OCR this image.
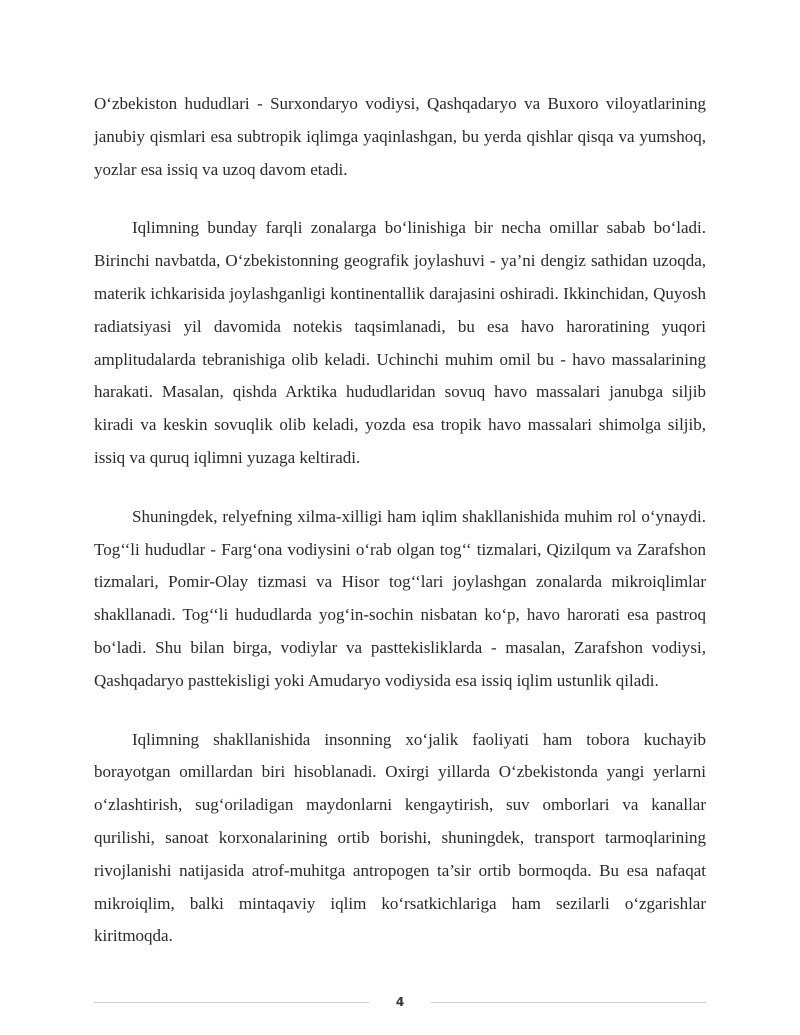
O‘zbekiston hududlari - Surxondaryo vodiysi, Qashqadaryo va Buxoro viloyatlarining janubiy qismlari esa subtropik iqlimga yaqinlashgan, bu yerda qishlar qisqa va yumshoq, yozlar esa issiq va uzoq davom etadi.

Iqlimning bunday farqli zonalarga bo‘linishiga bir necha omillar sabab bo‘ladi. Birinchi navbatda, O‘zbekistonning geografik joylashuvi - ya’ni dengiz sathidan uzoqda, materik ichkarisida joylashganligi kontinentallik darajasini oshiradi. Ikkinchidan, Quyosh radiatsiyasi yil davomida notekis taqsimlanadi, bu esa havo haroratining yuqori amplitudalarda tebranishiga olib keladi. Uchinchi muhim omil bu - havo massalarining harakati. Masalan, qishda Arktika hududlaridan sovuq havo massalari janubga siljib kiradi va keskin sovuqlik olib keladi, yozda esa tropik havo massalari shimolga siljib, issiq va quruq iqlimni yuzaga keltiradi.

Shuningdek, relyefning xilma-xilligi ham iqlim shakllanishida muhim rol o‘ynaydi. Tog‘‘li hududlar - Farg‘ona vodiysini o‘rab olgan tog‘‘ tizmalari, Qizilqum va Zarafshon tizmalari, Pomir-Olay tizmasi va Hisor tog‘‘lari joylashgan zonalarda mikroiqlimlar shakllanadi. Tog‘‘li hududlarda yog‘in-sochin nisbatan ko‘p, havo harorati esa pastroq bo‘ladi. Shu bilan birga, vodiylar va pasttekisliklarda - masalan, Zarafshon vodiysi, Qashqadaryo pasttekisligi yoki Amudaryo vodiysida esa issiq iqlim ustunlik qiladi.

Iqlimning shakllanishida insonning xo‘jalik faoliyati ham tobora kuchayib borayotgan omillardan biri hisoblanadi. Oxirgi yillarda O‘zbekistonda yangi yerlarni o‘zlashtirish, sug‘oriladigan maydonlarni kengaytirish, suv omborlari va kanallar qurilishi, sanoat korxonalarining ortib borishi, shuningdek, transport tarmoqlarining rivojlanishi natijasida atrof-muhitga antropogen ta’sir ortib bormoqda. Bu esa nafaqat mikroiqlim, balki mintaqaviy iqlim ko‘rsatkichlariga ham sezilarli o‘zgarishlar kiritmoqda.

4
